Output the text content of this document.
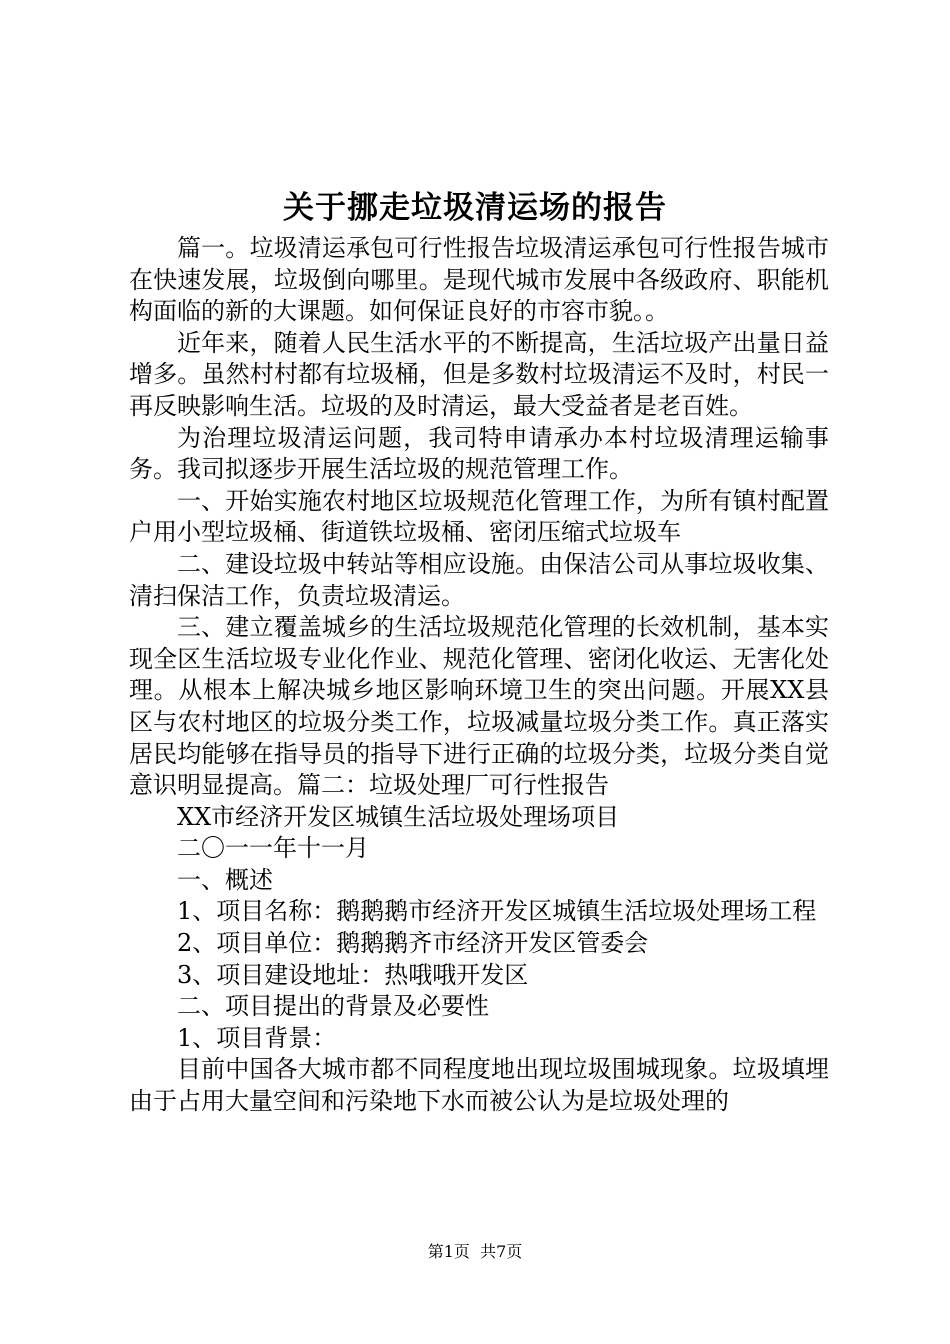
关于挪走垃圾清运场的报告

篇一。垃圾清运承包可行性报告垃圾清运承包可行性报告城市在快速发展，垃圾倒向哪里。是现代城市发展中各级政府、职能机构面临的新的大课题。如何保证良好的市容市貌。。

近年来，随着人民生活水平的不断提高，生活垃圾产出量日益增多。虽然村村都有垃圾桶，但是多数村垃圾清运不及时，村民一再反映影响生活。垃圾的及时清运，最大受益者是老百姓。

为治理垃圾清运问题，我司特申请承办本村垃圾清理运输事务。我司拟逐步开展生活垃圾的规范管理工作。

一、开始实施农村地区垃圾规范化管理工作，为所有镇村配置户用小型垃圾桶、街道铁垃圾桶、密闭压缩式垃圾车

二、建设垃圾中转站等相应设施。由保洁公司从事垃圾收集、清扫保洁工作，负责垃圾清运。

三、建立覆盖城乡的生活垃圾规范化管理的长效机制，基本实现全区生活垃圾专业化作业、规范化管理、密闭化收运、无害化处理。从根本上解决城乡地区影响环境卫生的突出问题。开展XX县区与农村地区的垃圾分类工作，垃圾减量垃圾分类工作。真正落实居民均能够在指导员的指导下进行正确的垃圾分类，垃圾分类自觉意识明显提高。篇二：垃圾处理厂可行性报告

XX市经济开发区城镇生活垃圾处理场项目

二〇一一年十一月

一、概述

1、项目名称：鹅鹅鹅市经济开发区城镇生活垃圾处理场工程

2、项目单位：鹅鹅鹅齐市经济开发区管委会

3、项目建设地址：热哦哦开发区

二、项目提出的背景及必要性

1、项目背景：

目前中国各大城市都不同程度地出现垃圾围城现象。垃圾填埋由于占用大量空间和污染地下水而被公认为是垃圾处理的

第1页  共7页
